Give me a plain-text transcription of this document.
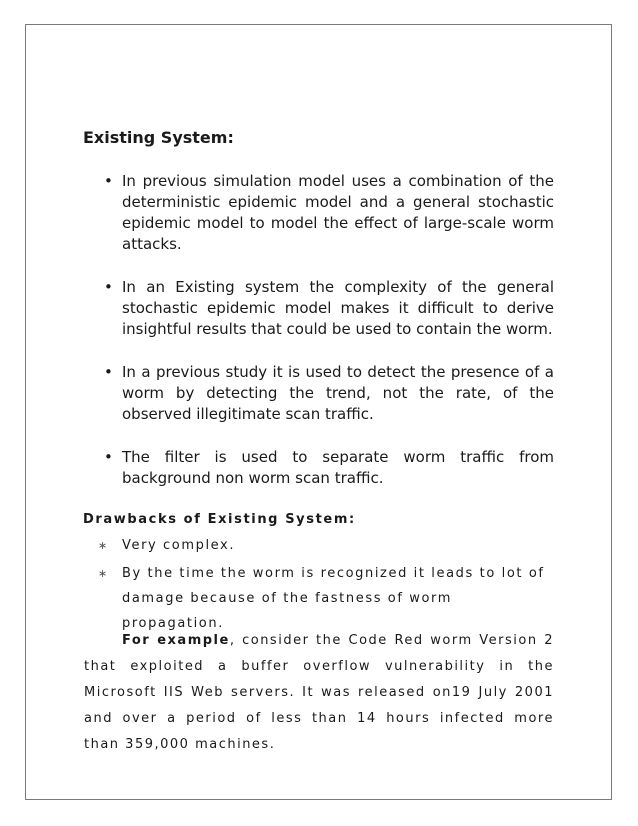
Existing System:
• In previous simulation model uses a combination of the deterministic epidemic model and a general stochastic epidemic model to model the effect of large-scale worm attacks.
• In an Existing system the complexity of the general stochastic epidemic model makes it difficult to derive insightful results that could be used to contain the worm.
• In a previous study it is used to detect the presence of a worm by detecting the trend, not the rate, of the observed illegitimate scan traffic.
• The filter is used to separate worm traffic from background non worm scan traffic.
Drawbacks of Existing System:
∗ Very complex.
∗ By the time the worm is recognized it leads to lot of damage because of the fastness of worm propagation.

For example, consider the Code Red worm Version 2 that exploited a buffer overflow vulnerability in the Microsoft IIS Web servers. It was released on19 July 2001 and over a period of less than 14 hours infected more than 359,000 machines.
